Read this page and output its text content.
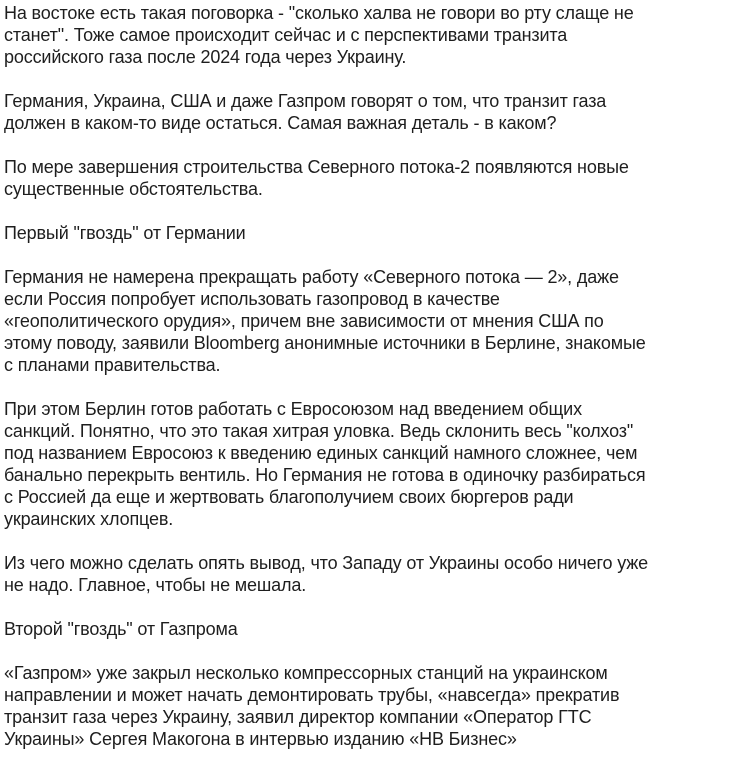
На востоке есть такая поговорка - "сколько халва не говори во рту слаще не
станет". Тоже самое происходит сейчас и с перспективами транзита
российского газа после 2024 года через Украину.

Германия, Украина, США и даже Газпром говорят о том, что транзит газа
должен в каком-то виде остаться. Самая важная деталь - в каком?

По мере завершения строительства Северного потока-2 появляются новые
существенные обстоятельства.

Первый "гвоздь" от Германии

Германия не намерена прекращать работу «Северного потока — 2», даже
если Россия попробует использовать газопровод в качестве
«геополитического орудия», причем вне зависимости от мнения США по
этому поводу, заявили Bloomberg анонимные источники в Берлине, знакомые
с планами правительства.

При этом Берлин готов работать с Евросоюзом над введением общих
санкций. Понятно, что это такая хитрая уловка. Ведь склонить весь "колхоз"
под названием Евросоюз к введению единых санкций намного сложнее, чем
банально перекрыть вентиль. Но Германия не готова в одиночку разбираться
с Россией да еще и жертвовать благополучием своих бюргеров ради
украинских хлопцев.

Из чего можно сделать опять вывод, что Западу от Украины особо ничего уже
не надо. Главное, чтобы не мешала.

Второй "гвоздь" от Газпрома

«Газпром» уже закрыл несколько компрессорных станций на украинском
направлении и может начать демонтировать трубы, «навсегда» прекратив
транзит газа через Украину, заявил директор компании «Оператор ГТС
Украины» Сергея Макогона в интервью изданию «НВ Бизнес»
